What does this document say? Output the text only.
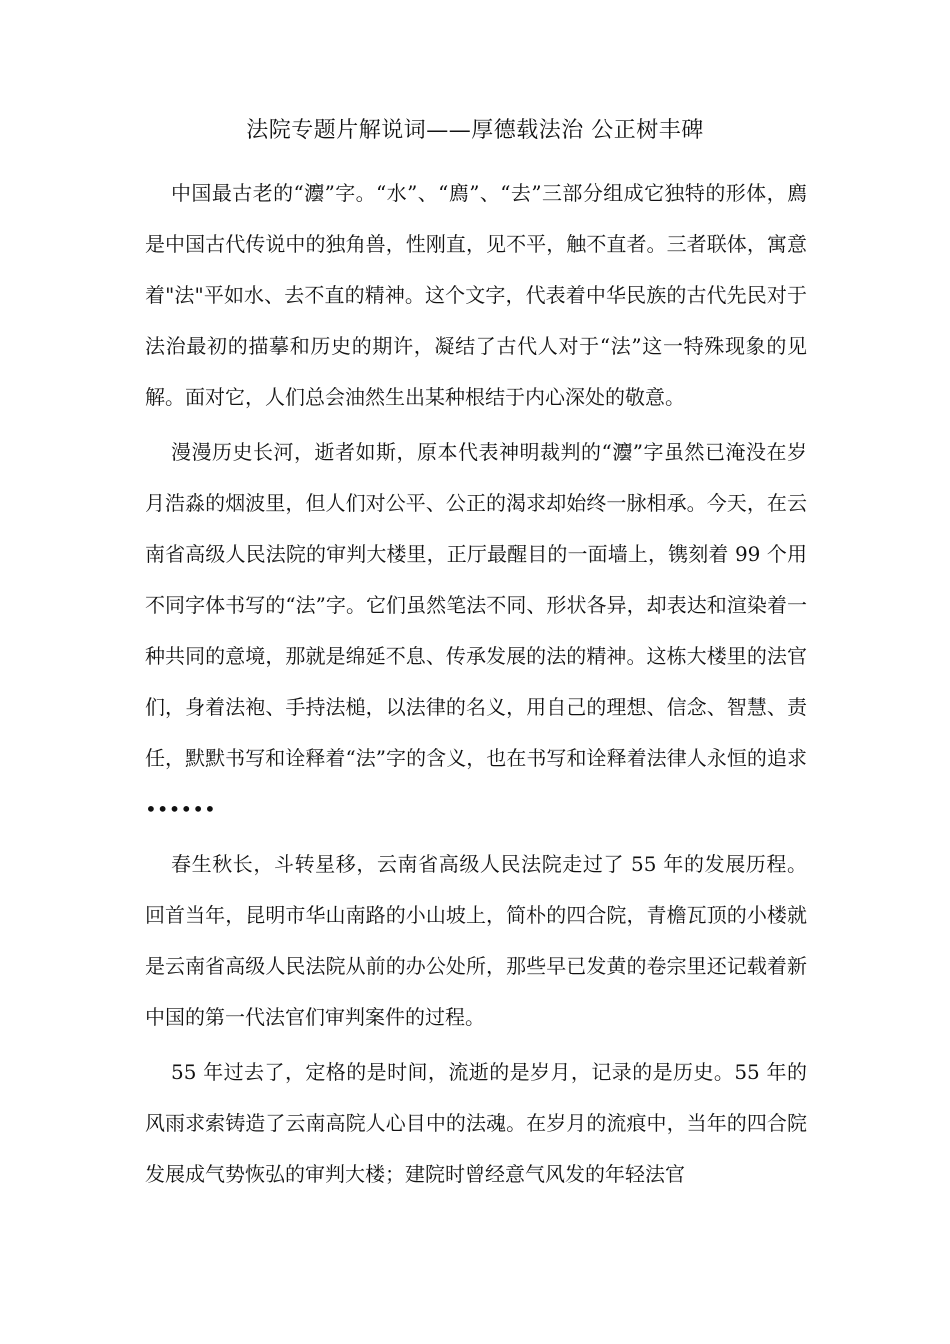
法院专题片解说词——厚德载法治 公正树丰碑

中国最古老的“灋”字。“水”、“廌”、“去”三部分组成它独特的形体，廌是中国古代传说中的独角兽，性刚直，见不平，触不直者。三者联体，寓意着"法"平如水、去不直的精神。这个文字，代表着中华民族的古代先民对于法治最初的描摹和历史的期许，凝结了古代人对于“法”这一特殊现象的见解。面对它，人们总会油然生出某种根结于内心深处的敬意。

漫漫历史长河，逝者如斯，原本代表神明裁判的“灋”字虽然已淹没在岁月浩淼的烟波里，但人们对公平、公正的渴求却始终一脉相承。今天，在云南省高级人民法院的审判大楼里，正厅最醒目的一面墙上，镌刻着 99 个用不同字体书写的“法”字。它们虽然笔法不同、形状各异，却表达和渲染着一种共同的意境，那就是绵延不息、传承发展的法的精神。这栋大楼里的法官们，身着法袍、手持法槌，以法律的名义，用自己的理想、信念、智慧、责任，默默书写和诠释着“法”字的含义，也在书写和诠释着法律人永恒的追求••••••

春生秋长，斗转星移，云南省高级人民法院走过了 55 年的发展历程。回首当年，昆明市华山南路的小山坡上，简朴的四合院，青檐瓦顶的小楼就是云南省高级人民法院从前的办公处所，那些早已发黄的卷宗里还记载着新中国的第一代法官们审判案件的过程。

55 年过去了，定格的是时间，流逝的是岁月，记录的是历史。55 年的风雨求索铸造了云南高院人心目中的法魂。在岁月的流痕中，当年的四合院发展成气势恢弘的审判大楼；建院时曾经意气风发的年轻法官
